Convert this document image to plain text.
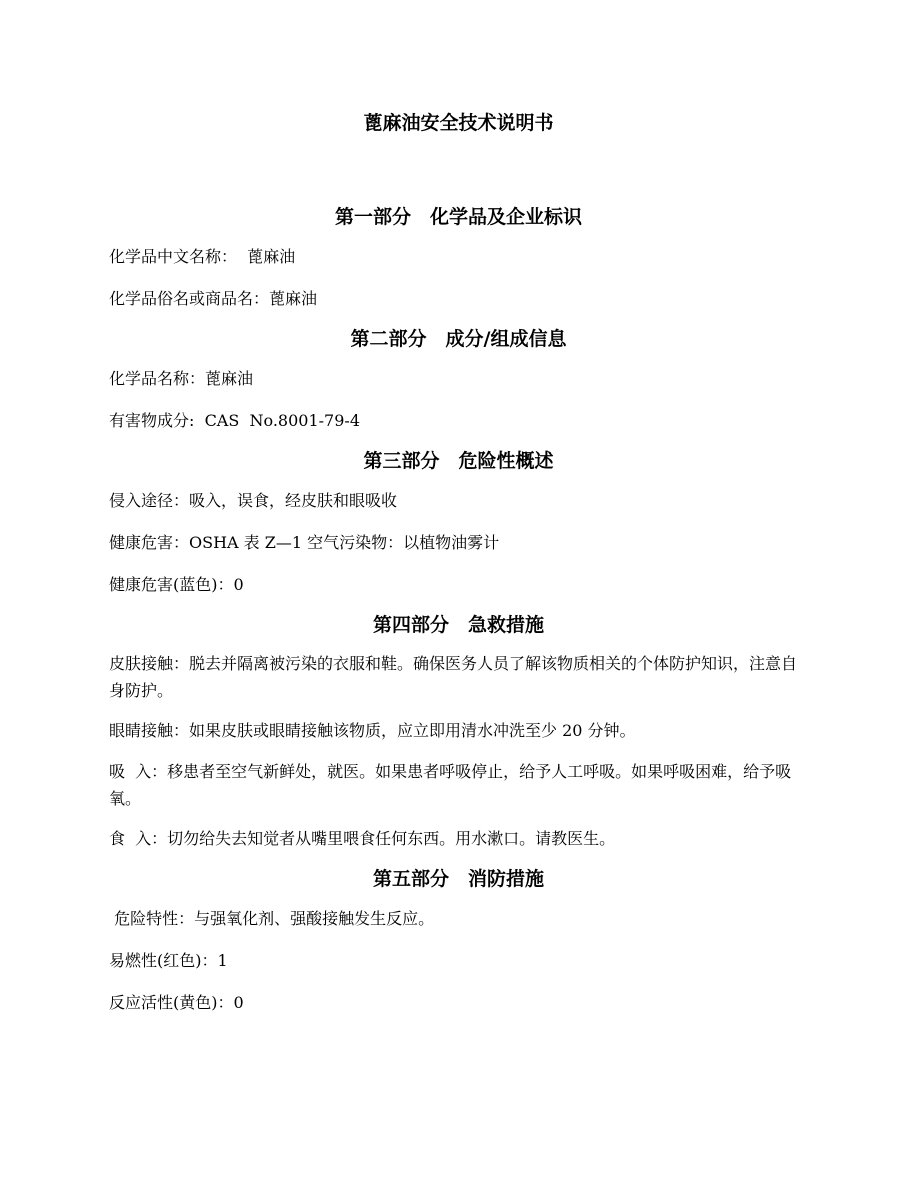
蓖麻油安全技术说明书
第一部分　化学品及企业标识

化学品中文名称：  蓖麻油

化学品俗名或商品名：蓖麻油

第二部分　成分/组成信息

化学品名称：蓖麻油

有害物成分:  CAS  No.8001-79-4

第三部分　危险性概述

侵入途径：吸入，误食，经皮肤和眼吸收

健康危害：OSHA 表 Z—1 空气污染物：以植物油雾计

健康危害(蓝色)：0

第四部分　急救措施

皮肤接触：脱去并隔离被污染的衣服和鞋。确保医务人员了解该物质相关的个体防护知识，注意自身防护。

眼睛接触：如果皮肤或眼睛接触该物质，应立即用清水冲洗至少 20 分钟。

吸  入：移患者至空气新鲜处，就医。如果患者呼吸停止，给予人工呼吸。如果呼吸困难，给予吸氧。

食  入：切勿给失去知觉者从嘴里喂食任何东西。用水漱口。请教医生。

第五部分　消防措施

危险特性：与强氧化剂、强酸接触发生反应。

易燃性(红色)：1

反应活性(黄色)：0
